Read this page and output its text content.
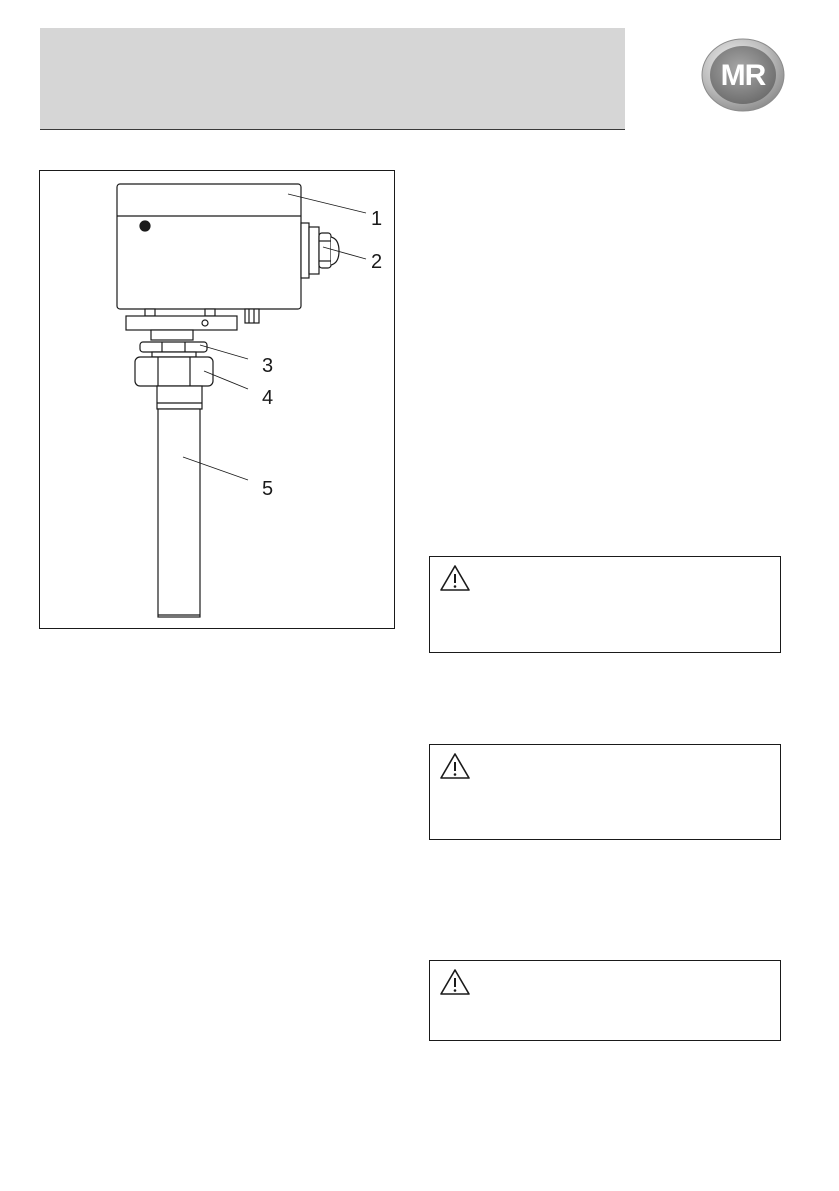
MR
1
2
3
4
5
